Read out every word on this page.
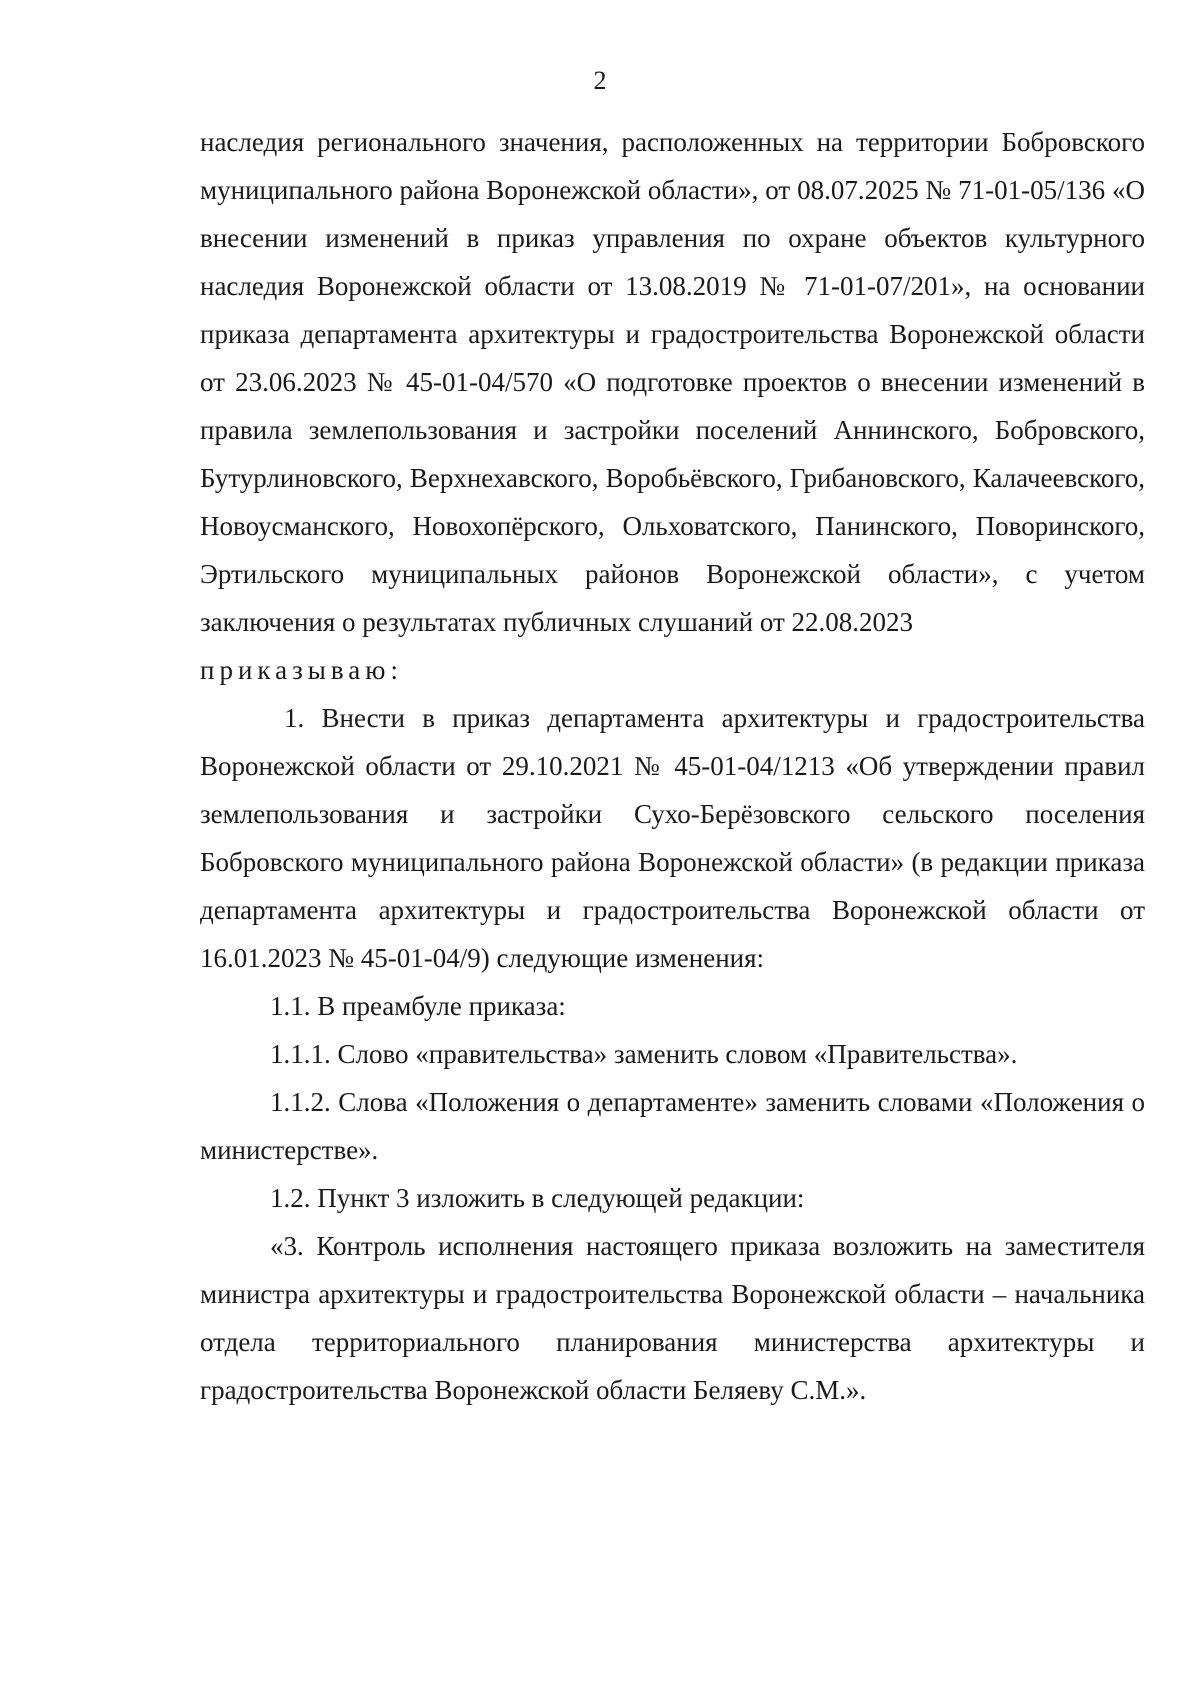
2

наследия регионального значения, расположенных на территории Бобровского муниципального района Воронежской области», от 08.07.2025 № 71-01-05/136 «О внесении изменений в приказ управления по охране объектов культурного наследия Воронежской области от 13.08.2019 № 71-01-07/201», на основании приказа департамента архитектуры и градостроительства Воронежской области от 23.06.2023 № 45-01-04/570 «О подготовке проектов о внесении изменений в правила землепользования и застройки поселений Аннинского, Бобровского, Бутурлиновского, Верхнехавского, Воробьёвского, Грибановского, Калачеевского, Новоусманского, Новохопёрского, Ольховатского, Панинского, Поворинского, Эртильского муниципальных районов Воронежской области», с учетом заключения о результатах публичных слушаний от 22.08.2023

приказываю:

1. Внести в приказ департамента архитектуры и градостроительства Воронежской области от 29.10.2021 № 45-01-04/1213 «Об утверждении правил землепользования и застройки Сухо-Берёзовского сельского поселения Бобровского муниципального района Воронежской области» (в редакции приказа департамента архитектуры и градостроительства Воронежской области от 16.01.2023 № 45-01-04/9) следующие изменения:

1.1. В преамбуле приказа:

1.1.1. Слово «правительства» заменить словом «Правительства».

1.1.2. Слова «Положения о департаменте» заменить словами «Положения о министерстве».

1.2. Пункт 3 изложить в следующей редакции:

«3. Контроль исполнения настоящего приказа возложить на заместителя министра архитектуры и градостроительства Воронежской области – начальника отдела территориального планирования министерства архитектуры и градостроительства Воронежской области Беляеву С.М.».
